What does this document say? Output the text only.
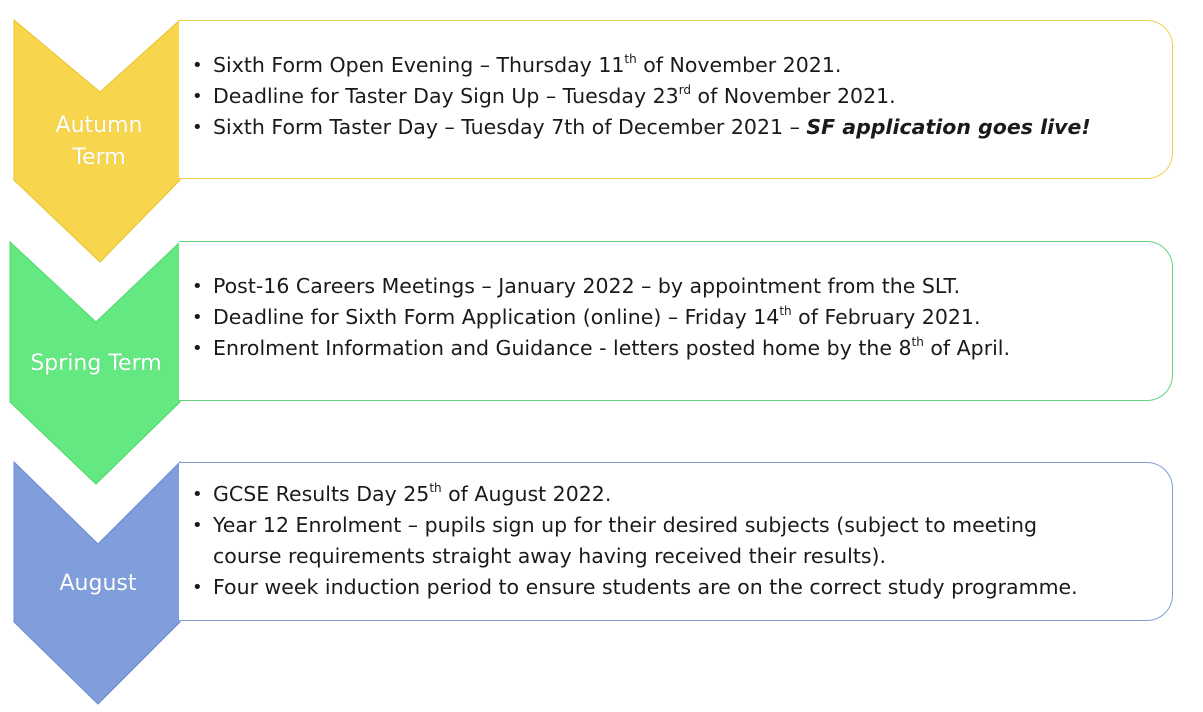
Autumn
Term
• Sixth Form Open Evening – Thursday 11th of November 2021.
• Deadline for Taster Day Sign Up – Tuesday 23rd of November 2021.
• Sixth Form Taster Day – Tuesday 7th of December 2021 – SF application goes live!
Spring Term
• Post-16 Careers Meetings – January 2022 – by appointment from the SLT.
• Deadline for Sixth Form Application (online) – Friday 14th of February 2021.
• Enrolment Information and Guidance - letters posted home by the 8th of April.
August
• GCSE Results Day 25th of August 2022.
• Year 12 Enrolment – pupils sign up for their desired subjects (subject to meeting course requirements straight away having received their results).
• Four week induction period to ensure students are on the correct study programme.
